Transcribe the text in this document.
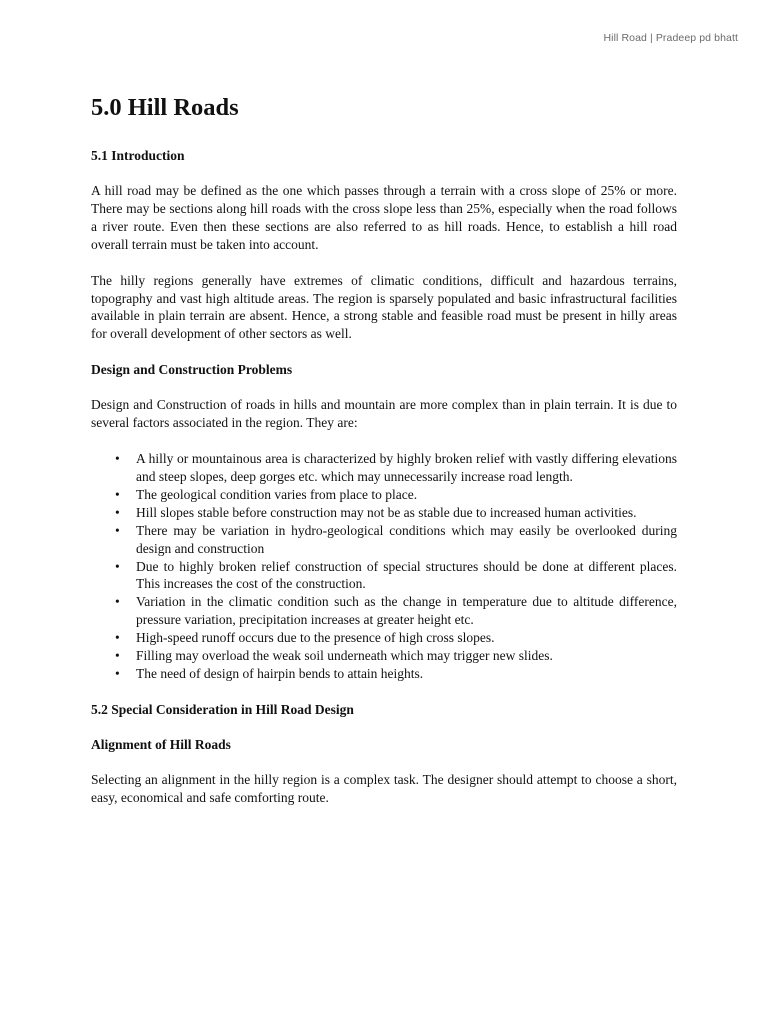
Hill Road | Pradeep pd bhatt
5.0 Hill Roads
5.1 Introduction

A hill road may be defined as the one which passes through a terrain with a cross slope of 25% or more. There may be sections along hill roads with the cross slope less than 25%, especially when the road follows a river route. Even then these sections are also referred to as hill roads. Hence, to establish a hill road overall terrain must be taken into account.

The hilly regions generally have extremes of climatic conditions, difficult and hazardous terrains, topography and vast high altitude areas. The region is sparsely populated and basic infrastructural facilities available in plain terrain are absent. Hence, a strong stable and feasible road must be present in hilly areas for overall development of other sectors as well.

Design and Construction Problems

Design and Construction of roads in hills and mountain are more complex than in plain terrain. It is due to several factors associated in the region. They are:

• A hilly or mountainous area is characterized by highly broken relief with vastly differing elevations and steep slopes, deep gorges etc. which may unnecessarily increase road length.
• The geological condition varies from place to place.
• Hill slopes stable before construction may not be as stable due to increased human activities.
• There may be variation in hydro-geological conditions which may easily be overlooked during design and construction
• Due to highly broken relief construction of special structures should be done at different places. This increases the cost of the construction.
• Variation in the climatic condition such as the change in temperature due to altitude difference, pressure variation, precipitation increases at greater height etc.
• High-speed runoff occurs due to the presence of high cross slopes.
• Filling may overload the weak soil underneath which may trigger new slides.
• The need of design of hairpin bends to attain heights.
5.2 Special Consideration in Hill Road Design
Alignment of Hill Roads

Selecting an alignment in the hilly region is a complex task. The designer should attempt to choose a short, easy, economical and safe comforting route.
